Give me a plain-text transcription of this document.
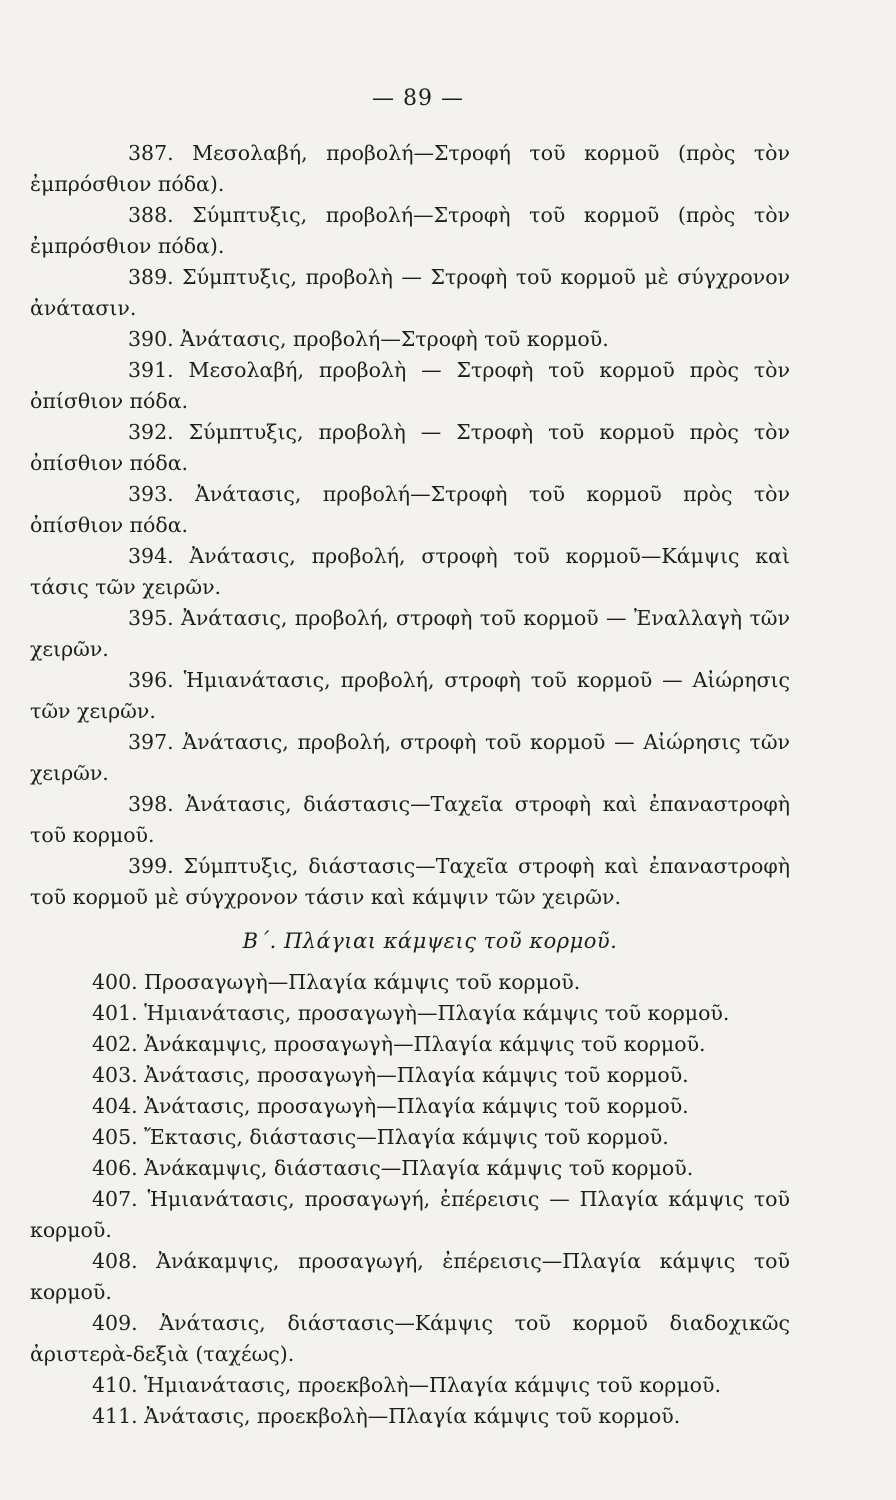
— 89 —

387. Μεσολαβή, προβολή—Στροφή τοῦ κορμοῦ (πρὸς τὸν ἐμπρόσθιον πόδα).

388. Σύμπτυξις, προβολή—Στροφὴ τοῦ κορμοῦ (πρὸς τὸν ἐμπρόσθιον πόδα).

389. Σύμπτυξις, προβολὴ — Στροφὴ τοῦ κορμοῦ μὲ σύγχρονον ἀνάτασιν.

390. Ἀνάτασις, προβολή—Στροφὴ τοῦ κορμοῦ.

391. Μεσολαβή, προβολὴ — Στροφὴ τοῦ κορμοῦ πρὸς τὸν ὀπίσθιον πόδα.

392. Σύμπτυξις, προβολὴ — Στροφὴ τοῦ κορμοῦ πρὸς τὸν ὀπίσθιον πόδα.

393. Ἀνάτασις, προβολή—Στροφὴ τοῦ κορμοῦ πρὸς τὸν ὀπίσθιον πόδα.

394. Ἀνάτασις, προβολή, στροφὴ τοῦ κορμοῦ—Κάμψις καὶ τάσις τῶν χειρῶν.

395. Ἀνάτασις, προβολή, στροφὴ τοῦ κορμοῦ — Ἐναλλαγὴ τῶν χειρῶν.

396. Ἡμιανάτασις, προβολή, στροφὴ τοῦ κορμοῦ — Αἰώρησις τῶν χειρῶν.

397. Ἀνάτασις, προβολή, στροφὴ τοῦ κορμοῦ — Αἰώρησις τῶν χειρῶν.

398. Ἀνάτασις, διάστασις—Ταχεῖα στροφὴ καὶ ἐπαναστροφὴ τοῦ κορμοῦ.

399. Σύμπτυξις, διάστασις—Ταχεῖα στροφὴ καὶ ἐπαναστροφὴ τοῦ κορμοῦ μὲ σύγχρονον τάσιν καὶ κάμψιν τῶν χειρῶν.

Β΄. Πλάγιαι κάμψεις τοῦ κορμοῦ.

400. Προσαγωγὴ—Πλαγία κάμψις τοῦ κορμοῦ.

401. Ἡμιανάτασις, προσαγωγὴ—Πλαγία κάμψις τοῦ κορμοῦ.

402. Ἀνάκαμψις, προσαγωγὴ—Πλαγία κάμψις τοῦ κορμοῦ.

403. Ἀνάτασις, προσαγωγὴ—Πλαγία κάμψις τοῦ κορμοῦ.

404. Ἀνάτασις, προσαγωγὴ—Πλαγία κάμψις τοῦ κορμοῦ.

405. Ἔκτασις, διάστασις—Πλαγία κάμψις τοῦ κορμοῦ.

406. Ἀνάκαμψις, διάστασις—Πλαγία κάμψις τοῦ κορμοῦ.

407. Ἡμιανάτασις, προσαγωγή, ἐπέρεισις — Πλαγία κάμψις τοῦ κορμοῦ.

408. Ἀνάκαμψις, προσαγωγή, ἐπέρεισις—Πλαγία κάμψις τοῦ κορμοῦ.

409. Ἀνάτασις, διάστασις—Κάμψις τοῦ κορμοῦ διαδοχικῶς ἀριστερὰ-δεξιὰ (ταχέως).

410. Ἡμιανάτασις, προεκβολὴ—Πλαγία κάμψις τοῦ κορμοῦ.

411. Ἀνάτασις, προεκβολὴ—Πλαγία κάμψις τοῦ κορμοῦ.
